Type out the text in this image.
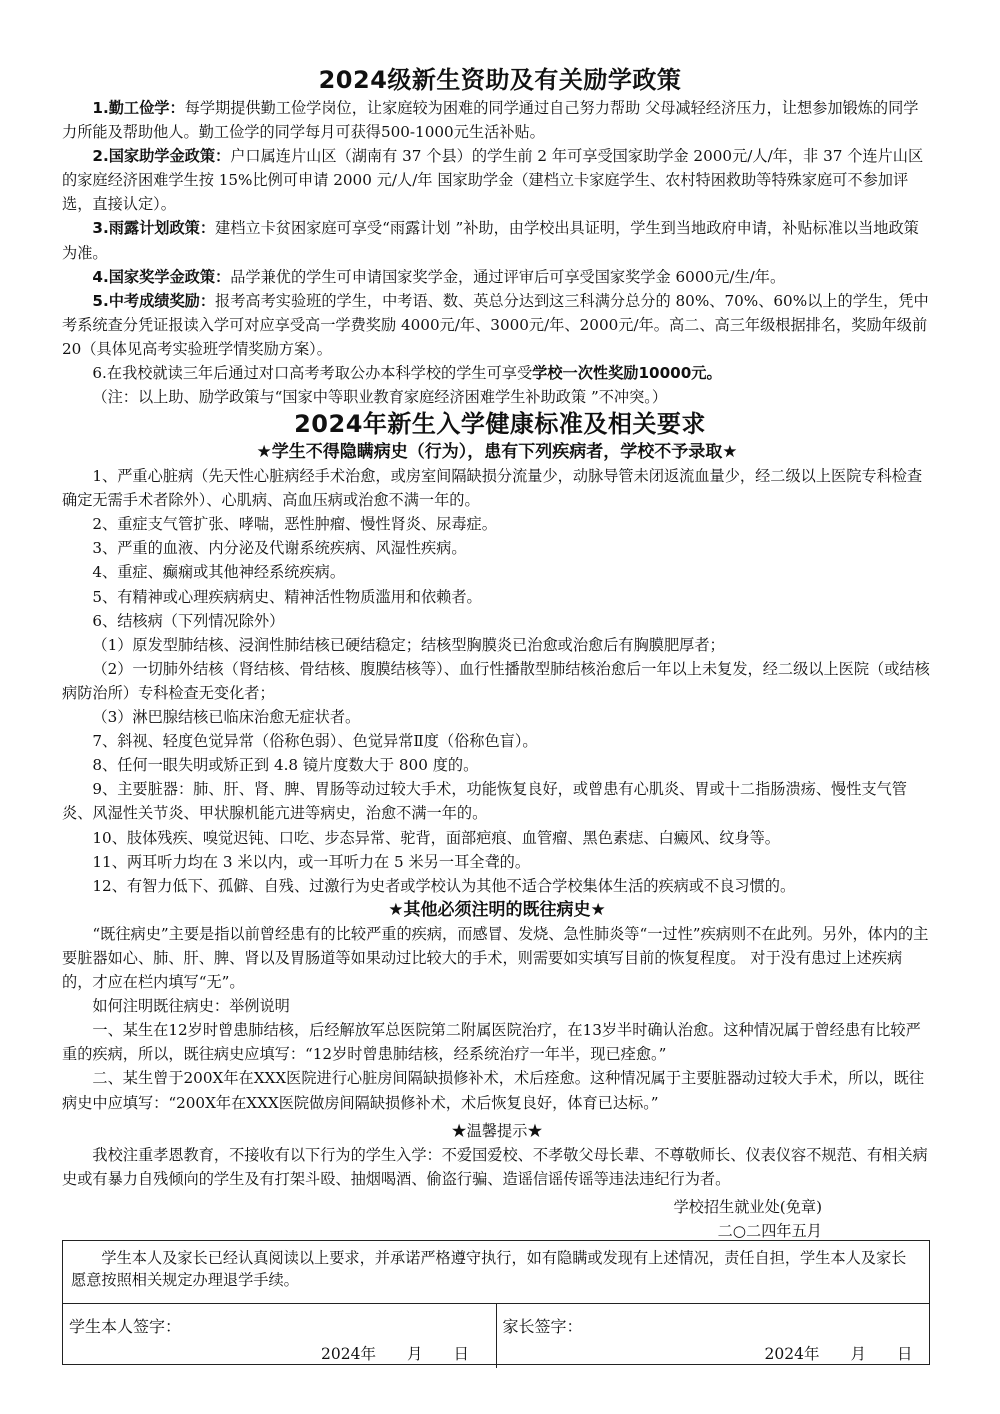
2024级新生资助及有关励学政策

1.勤工俭学：每学期提供勤工俭学岗位，让家庭较为困难的同学通过自己努力帮助 父母减轻经济压力，让想参加锻炼的同学力所能及帮助他人。勤工俭学的同学每月可获得500-1000元生活补贴。

2.国家助学金政策：户口属连片山区（湖南有 37 个县）的学生前 2 年可享受国家助学金 2000元/人/年，非 37 个连片山区的家庭经济困难学生按 15%比例可申请 2000 元/人/年 国家助学金（建档立卡家庭学生、农村特困救助等特殊家庭可不参加评选，直接认定）。

3.雨露计划政策：建档立卡贫困家庭可享受“雨露计划 ”补助，由学校出具证明，学生到当地政府申请，补贴标准以当地政策为准。

4.国家奖学金政策：品学兼优的学生可申请国家奖学金，通过评审后可享受国家奖学金 6000元/生/年。

5.中考成绩奖励：报考高考实验班的学生，中考语、数、英总分达到这三科满分总分的 80%、70%、60%以上的学生，凭中考系统查分凭证报读入学可对应享受高一学费奖励 4000元/年、3000元/年、2000元/年。高二、高三年级根据排名，奖励年级前20（具体见高考实验班学情奖励方案）。

6.在我校就读三年后通过对口高考考取公办本科学校的学生可享受学校一次性奖励10000元。

（注：以上助、励学政策与“国家中等职业教育家庭经济困难学生补助政策 ”不冲突。）

2024年新生入学健康标准及相关要求

★学生不得隐瞒病史（行为），患有下列疾病者，学校不予录取★

1、严重心脏病（先天性心脏病经手术治愈，或房室间隔缺损分流量少，动脉导管未闭返流血量少，经二级以上医院专科检查确定无需手术者除外）、心肌病、高血压病或治愈不满一年的。

2、重症支气管扩张、哮喘，恶性肿瘤、慢性肾炎、尿毒症。

3、严重的血液、内分泌及代谢系统疾病、风湿性疾病。

4、重症、癫痫或其他神经系统疾病。

5、有精神或心理疾病病史、精神活性物质滥用和依赖者。

6、结核病（下列情况除外）

（1）原发型肺结核、浸润性肺结核已硬结稳定；结核型胸膜炎已治愈或治愈后有胸膜肥厚者；

（2）一切肺外结核（肾结核、骨结核、腹膜结核等）、血行性播散型肺结核治愈后一年以上未复发，经二级以上医院（或结核病防治所）专科检查无变化者；

（3）淋巴腺结核已临床治愈无症状者。

7、斜视、轻度色觉异常（俗称色弱）、色觉异常Ⅱ度（俗称色盲）。

8、任何一眼失明或矫正到 4.8 镜片度数大于 800 度的。

9、主要脏器：肺、肝、肾、脾、胃肠等动过较大手术，功能恢复良好，或曾患有心肌炎、胃或十二指肠溃疡、慢性支气管炎、风湿性关节炎、甲状腺机能亢进等病史，治愈不满一年的。

10、肢体残疾、嗅觉迟钝、口吃、步态异常、驼背，面部疤痕、血管瘤、黑色素痣、白癜风、纹身等。

11、两耳听力均在 3 米以内，或一耳听力在 5 米另一耳全聋的。

12、有智力低下、孤僻、自残、过激行为史者或学校认为其他不适合学校集体生活的疾病或不良习惯的。

★其他必须注明的既往病史★

“既往病史”主要是指以前曾经患有的比较严重的疾病，而感冒、发烧、急性肺炎等“一过性”疾病则不在此列。另外，体内的主要脏器如心、肺、肝、脾、肾以及胃肠道等如果动过比较大的手术，则需要如实填写目前的恢复程度。 对于没有患过上述疾病的，才应在栏内填写“无”。

如何注明既往病史：举例说明

一、某生在12岁时曾患肺结核，后经解放军总医院第二附属医院治疗，在13岁半时确认治愈。这种情况属于曾经患有比较严重的疾病，所以，既往病史应填写：“12岁时曾患肺结核，经系统治疗一年半，现已痊愈。”

二、某生曾于200X年在XXX医院进行心脏房间隔缺损修补术，术后痊愈。这种情况属于主要脏器动过较大手术，所以，既往病史中应填写：“200X年在XXX医院做房间隔缺损修补术，术后恢复良好，体育已达标。”

★温馨提示★

我校注重孝恩教育，不接收有以下行为的学生入学：不爱国爱校、不孝敬父母长辈、不尊敬师长、仪表仪容不规范、有相关病史或有暴力自残倾向的学生及有打架斗殴、抽烟喝酒、偷盗行骗、造谣信谣传谣等违法违纪行为者。

学校招生就业处(免章)

二○二四年五月

学生本人及家长已经认真阅读以上要求，并承诺严格遵守执行，如有隐瞒或发现有上述情况，责任自担，学生本人及家长愿意按照相关规定办理退学手续。
学生本人签字：
2024年　　月　　日
家长签字：
2024年　　月　　日
